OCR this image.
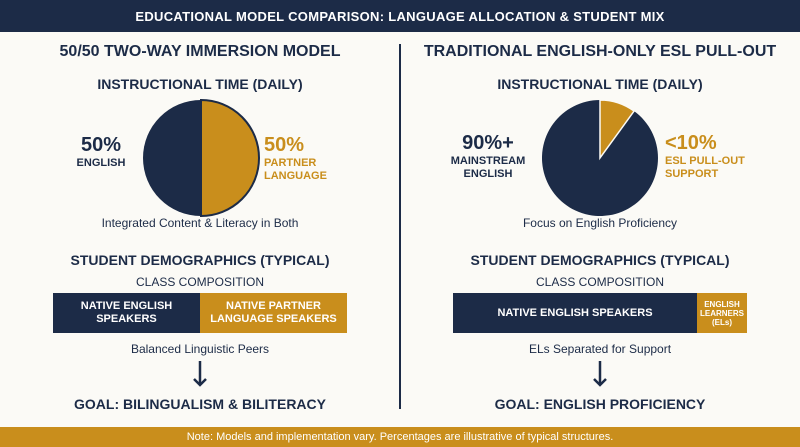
EDUCATIONAL MODEL COMPARISON: LANGUAGE ALLOCATION & STUDENT MIX
50/50 TWO-WAY IMMERSION MODEL
INSTRUCTIONAL TIME (DAILY)
50%
ENGLISH
50%
PARTNER
LANGUAGE
Integrated Content & Literacy in Both
STUDENT DEMOGRAPHICS (TYPICAL)
CLASS COMPOSITION
NATIVE ENGLISH
SPEAKERS
NATIVE PARTNER
LANGUAGE SPEAKERS
Balanced Linguistic Peers
GOAL: BILINGUALISM & BILITERACY
TRADITIONAL ENGLISH-ONLY ESL PULL-OUT
INSTRUCTIONAL TIME (DAILY)
90%+
MAINSTREAM
ENGLISH
<10%
ESL PULL-OUT
SUPPORT
Focus on English Proficiency
STUDENT DEMOGRAPHICS (TYPICAL)
CLASS COMPOSITION
NATIVE ENGLISH SPEAKERS
ENGLISH
LEARNERS
(ELs)
ELs Separated for Support
GOAL: ENGLISH PROFICIENCY
Note: Models and implementation vary. Percentages are illustrative of typical structures.
